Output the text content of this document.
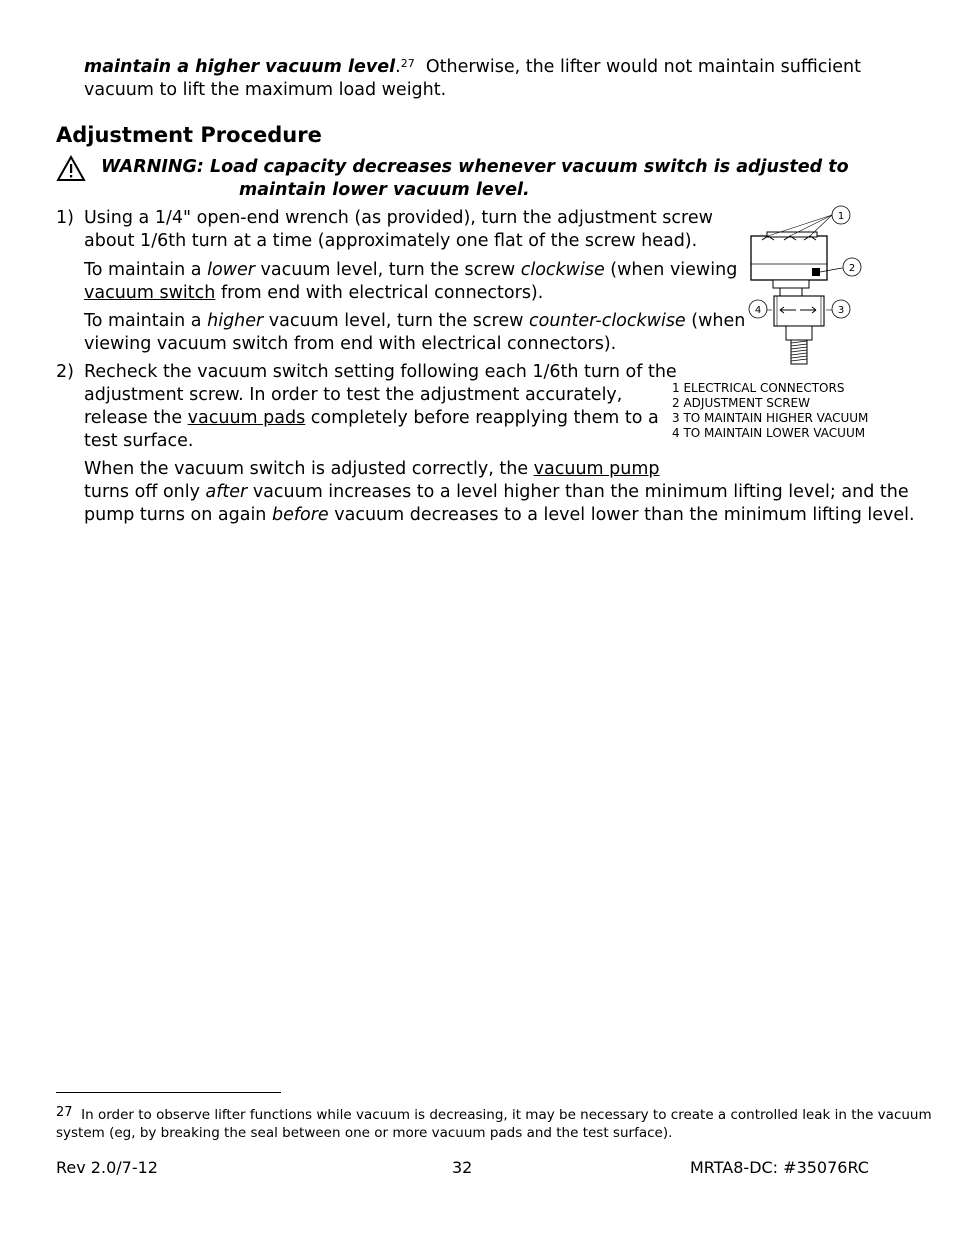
maintain a higher vacuum level.$^{27}$ Otherwise, the lifter would not maintain sufficient
vacuum to lift the maximum load weight.
Adjustment Procedure
WARNING: Load capacity decreases whenever vacuum switch is adjusted to
maintain lower vacuum level.
1) Using a 1/4" open-end wrench (as provided), turn the adjustment screw
about 1/6th turn at a time (approximately one flat of the screw head).
To maintain a lower vacuum level, turn the screw clockwise (when viewing
vacuum switch from end with electrical connectors).
To maintain a higher vacuum level, turn the screw counter-clockwise (when
viewing vacuum switch from end with electrical connectors).
2) Recheck the vacuum switch setting following each 1/6th turn of the
adjustment screw. In order to test the adjustment accurately,
release the vacuum pads completely before reapplying them to a
test surface.
When the vacuum switch is adjusted correctly, the vacuum pump
turns off only after vacuum increases to a level higher than the minimum lifting level; and the
pump turns on again before vacuum decreases to a level lower than the minimum lifting level.
1
2
3
4
1 ELECTRICAL CONNECTORS
2 ADJUSTMENT SCREW
3 TO MAINTAIN HIGHER VACUUM
4 TO MAINTAIN LOWER VACUUM
27 In order to observe lifter functions while vacuum is decreasing, it may be necessary to create a controlled leak in the vacuum
system (eg, by breaking the seal between one or more vacuum pads and the test surface).
Rev 2.0/7-12	32	MRTA8-DC: #35076RC
